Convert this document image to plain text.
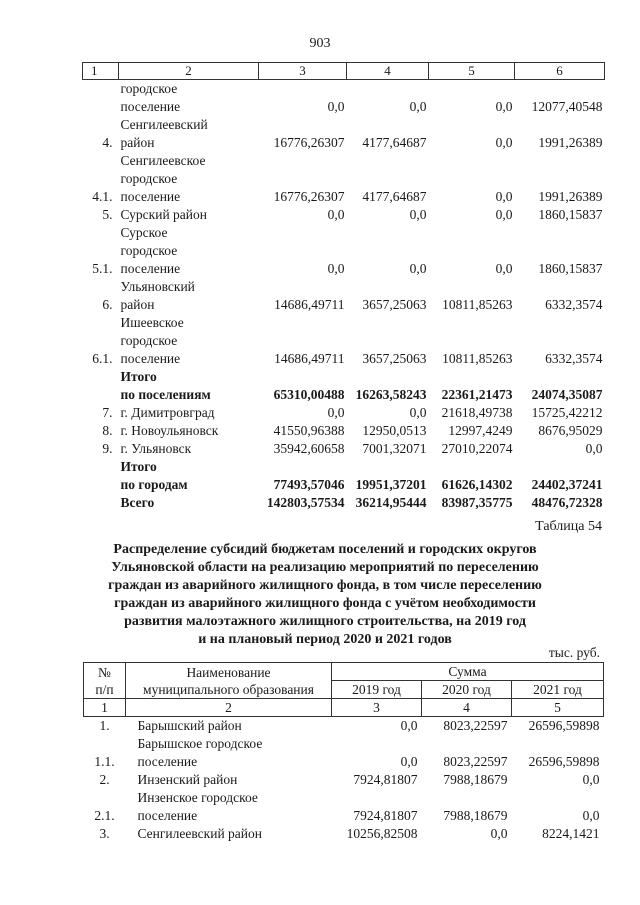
903
1	2	3	4	5	6

	городское
поселение	0,0	0,0	0,0	12077,40548
4.	Сенгилеевский
район	16776,26307	4177,64687	0,0	1991,26389
4.1.	Сенгилеевское
городское
поселение	16776,26307	4177,64687	0,0	1991,26389
5.	Сурский район	0,0	0,0	0,0	1860,15837
5.1.	Сурское
городское
поселение	0,0	0,0	0,0	1860,15837
6.	Ульяновский
район	14686,49711	3657,25063	10811,85263	6332,3574
6.1.	Ишеевское
городское
поселение	14686,49711	3657,25063	10811,85263	6332,3574

	Итого
по поселениям	65310,00488	16263,58243	22361,21473	24074,35087
7.	г. Димитровград	0,0	0,0	21618,49738	15725,42212
8.	г. Новоульяновск	41550,96388	12950,0513	12997,4249	8676,95029
9.	г. Ульяновск	35942,60658	7001,32071	27010,22074	0,0

	Итого
по городам	77493,57046	19951,37201	61626,14302	24402,37241

	Всего	142803,57534	36214,95444	83987,35775	48476,72328
Таблица 54
Распределение субсидий бюджетам поселений и городских округов
Ульяновской области на реализацию мероприятий по переселению
граждан из аварийного жилищного фонда, в том числе переселению
граждан из аварийного жилищного фонда с учётом необходимости
развития малоэтажного жилищного строительства, на 2019 год
и на плановый период 2020 и 2021 годов
тыс. руб.
№
п/п	Наименование
муниципального образования	Сумма		
		2019 год	2020 год	2021 год
1	2	3	4	5
1.	Барышский район	0,0	8023,22597	26596,59898
1.1.	Барышское городское
поселение	0,0	8023,22597	26596,59898
2.	Инзенский район	7924,81807	7988,18679	0,0
2.1.	Инзенское городское
поселение	7924,81807	7988,18679	0,0
3.	Сенгилеевский район	10256,82508	0,0	8224,1421
